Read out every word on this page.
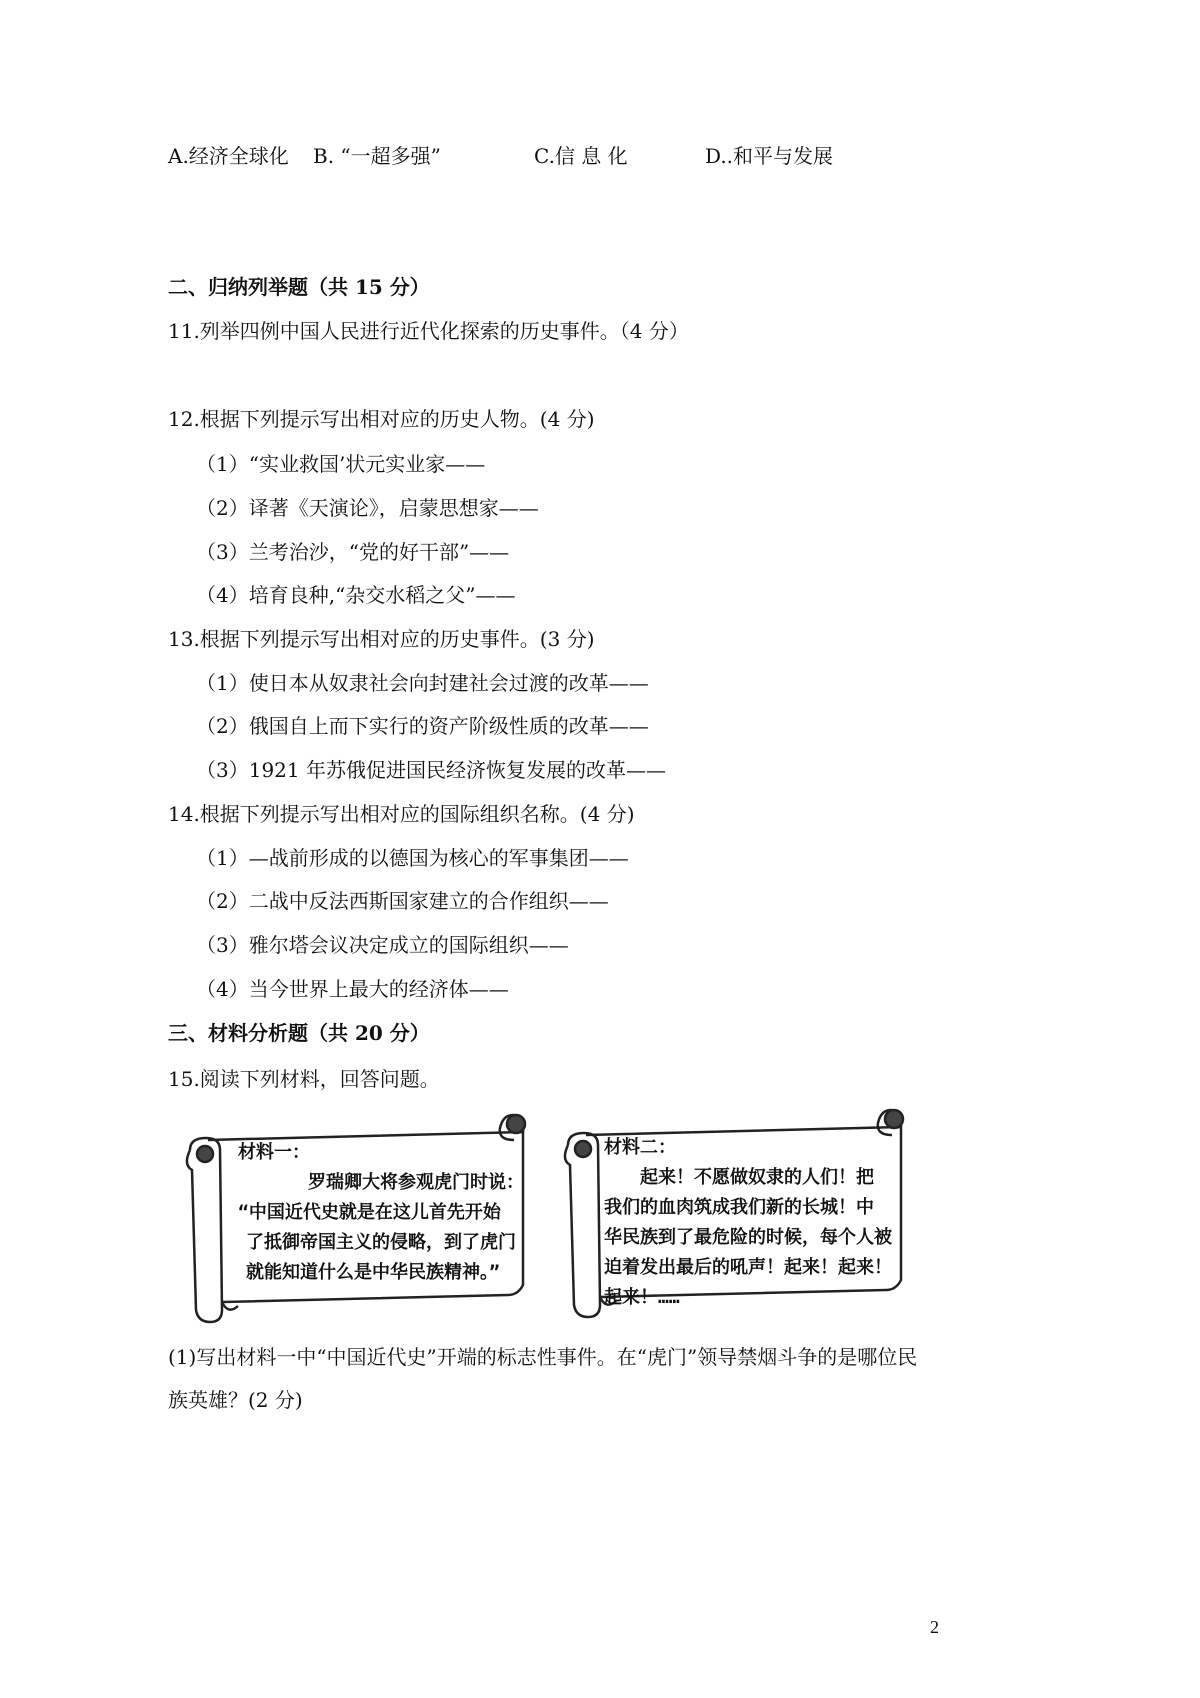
A.经济全球化 B. “一超多强”	C.信 息 化	D..和平与发展
二、归纳列举题（共 15 分）
11.列举四例中国人民进行近代化探索的历史事件。（4 分）
12.根据下列提示写出相对应的历史人物。(4 分)
（1）“实业救国’状元实业家——
（2）译著《天演论》，启蒙思想家——
（3）兰考治沙，“党的好干部”——
（4）培育良种,“杂交水稻之父”——
13.根据下列提示写出相对应的历史事件。(3 分)
（1）使日本从奴隶社会向封建社会过渡的改革——
（2）俄国自上而下实行的资产阶级性质的改革——
（3）1921 年苏俄促进国民经济恢复发展的改革——
14.根据下列提示写出相对应的国际组织名称。(4 分)
（1）—战前形成的以德国为核心的军事集团——
（2）二战中反法西斯国家建立的合作组织——
（3）雅尔塔会议决定成立的国际组织——
（4）当今世界上最大的经济体——
三、材料分析题（共 20 分）
15.阅读下列材料，回答问题。
材料一：
罗瑞卿大将参观虎门时说：
“中国近代史就是在这儿首先开始
了抵御帝国主义的侵略，到了虎门
就能知道什么是中华民族精神。”
材料二：
起来！不愿做奴隶的人们！把
我们的血肉筑成我们新的长城！中
华民族到了最危险的时候，每个人被
迫着发出最后的吼声！起来！起来！
起来！……
(1)写出材料一中“中国近代史”开端的标志性事件。在“虎门”领导禁烟斗争的是哪位民
族英雄？(2 分)
2
